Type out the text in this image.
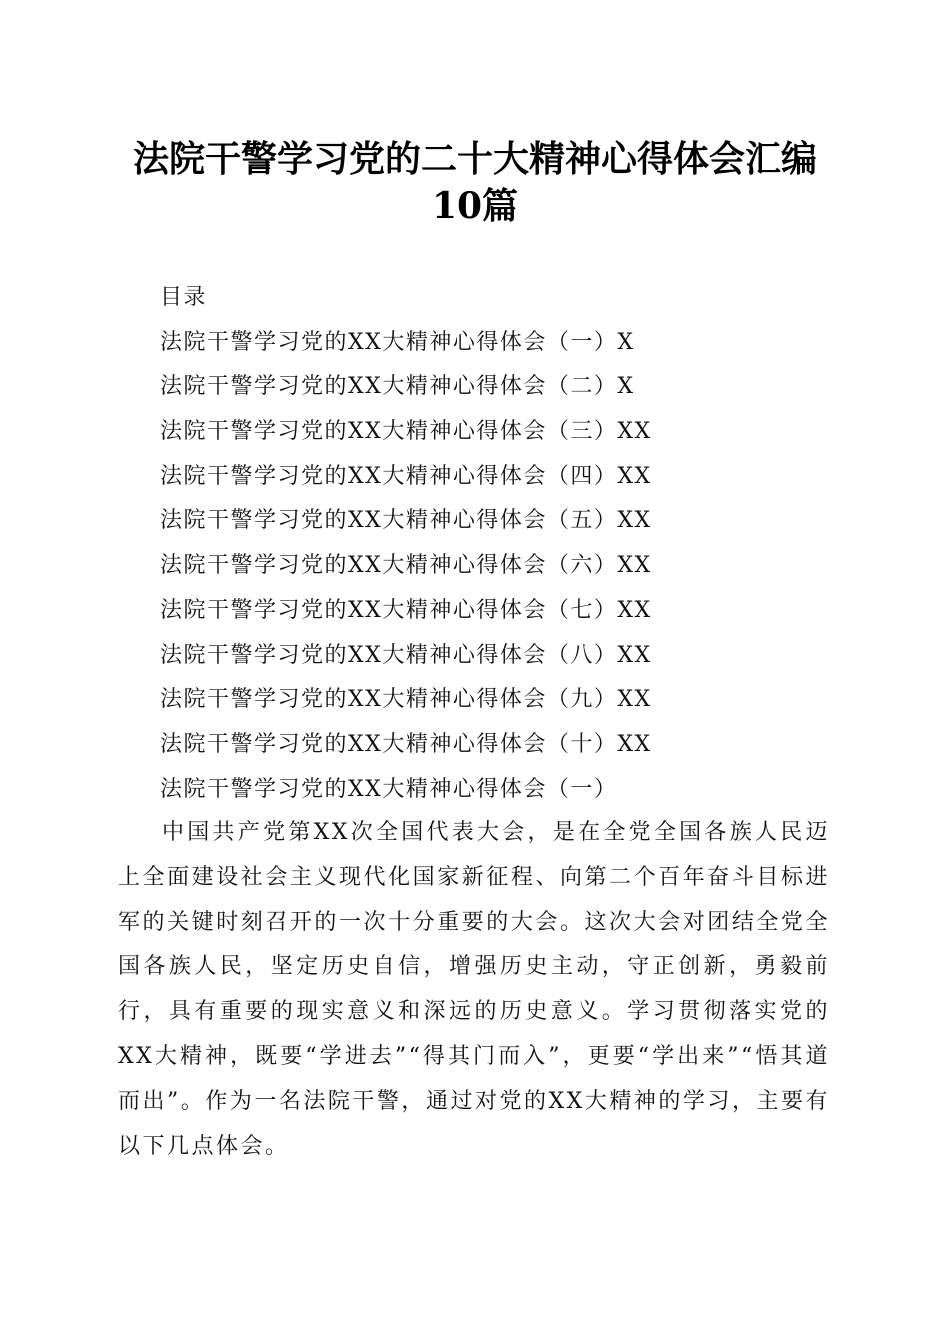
法院干警学习党的二十大精神心得体会汇编
10篇
目录
法院干警学习党的XX大精神心得体会（一）X
法院干警学习党的XX大精神心得体会（二）X
法院干警学习党的XX大精神心得体会（三）XX
法院干警学习党的XX大精神心得体会（四）XX
法院干警学习党的XX大精神心得体会（五）XX
法院干警学习党的XX大精神心得体会（六）XX
法院干警学习党的XX大精神心得体会（七）XX
法院干警学习党的XX大精神心得体会（八）XX
法院干警学习党的XX大精神心得体会（九）XX
法院干警学习党的XX大精神心得体会（十）XX
法院干警学习党的XX大精神心得体会（一）

中国共产党第XX次全国代表大会，是在全党全国各族人民迈上全面建设社会主义现代化国家新征程、向第二个百年奋斗目标进军的关键时刻召开的一次十分重要的大会。这次大会对团结全党全国各族人民，坚定历史自信，增强历史主动，守正创新，勇毅前行，具有重要的现实意义和深远的历史意义。学习贯彻落实党的XX大精神，既要“学进去”“得其门而入”，更要“学出来”“悟其道而出”。作为一名法院干警，通过对党的XX大精神的学习，主要有以下几点体会。
